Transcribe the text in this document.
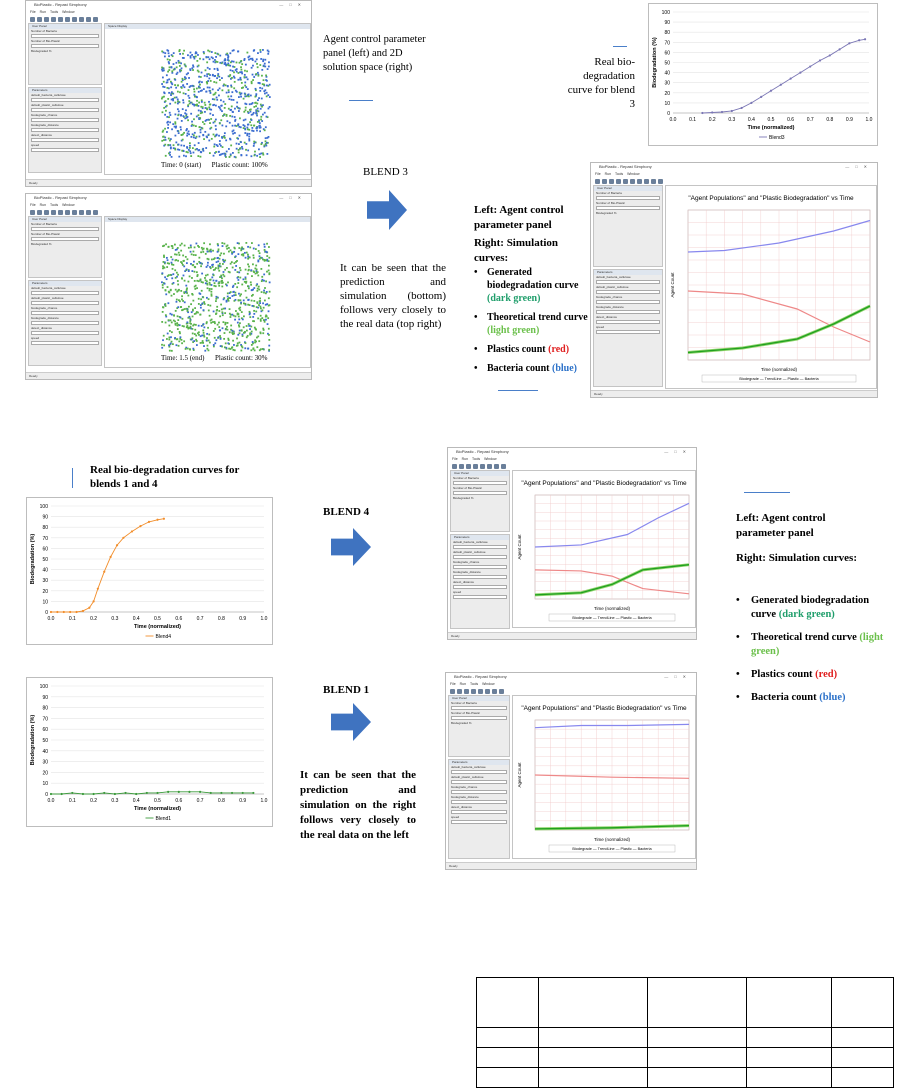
BioPlastic - Repast Simphony	—□✕
File Run Tools Window
User Panel
Number of Bacteria
Number of Bio-Plastic
Biodegraded %
Parameters
default_bacteria_cellulose
default_plastic_cellulose
biodegrade_chance
biodegrade_distance
detect_distance
speed
Space Display
Time: 0 (start)      Plastic count: 100%
Ready
BioPlastic - Repast Simphony	—□✕
File Run Tools Window
User Panel
Number of Bacteria
Number of Bio-Plastic
Biodegraded %
Parameters
default_bacteria_cellulose
default_plastic_cellulose
biodegrade_chance
biodegrade_distance
detect_distance
speed
Space Display
Time: 1.5 (end)      Plastic count: 30%
Ready
Agent control parameter panel (left) and 2D solution space (right)	Real bio-degradation curve for blend 3
0
10
20
30
40
50
60
70
80
90
100
0.0	0.1	0.2	0.3	0.4	0.5	0.6	0.7	0.8	0.9	1.0
Time (normalized)
Biodegradation (%)
Blend3
BLEND 3
It can be seen that the prediction and simulation (bottom) follows very closely to the real data (top right)
Left: Agent control parameter panel
Right: Simulation curves:
• Generated biodegradation curve (dark green)
• Theoretical trend curve (light green)
• Plastics count (red)
• Bacteria count (blue)
BioPlastic - Repast Simphony	—□✕
File Run Tools Window
User Panel
Number of Bacteria
Number of Bio-Plastic
Biodegraded %
Parameters
default_bacteria_cellulose
default_plastic_cellulose
biodegrade_chance
biodegrade_distance
detect_distance
speed
"Agent Populations" and "Plastic Biodegradation" vs Time
Agent Count
Time (normalized)
Biodegrade — TrendLine — Plastic — Bacteria
Ready
Real bio-degradation curves for blends 1 and 4
0
10
20
30
40
50
60
70
80
90
100
0.0	0.1	0.2	0.3	0.4	0.5	0.6	0.7	0.8	0.9	1.0
Time (normalized)
Biodegradation (%)
Blend4
0
10
20
30
40
50
60
70
80
90
100
0.0	0.1	0.2	0.3	0.4	0.5	0.6	0.7	0.8	0.9	1.0
Time (normalized)
Biodegradation (%)
Blend1
BLEND 4
BLEND 1
It can be seen that the prediction and simulation on the right follows very closely to the real data on the left
BioPlastic - Repast Simphony	—□✕
File Run Tools Window
User Panel
Number of Bacteria
Number of Bio-Plastic
Biodegraded %
Parameters
default_bacteria_cellulose
default_plastic_cellulose
biodegrade_chance
biodegrade_distance
detect_distance
speed
"Agent Populations" and "Plastic Biodegradation" vs Time
Agent Count
Time (normalized)
Biodegrade — TrendLine — Plastic — Bacteria
Ready
BioPlastic - Repast Simphony	—□✕
File Run Tools Window
User Panel
Number of Bacteria
Number of Bio-Plastic
Biodegraded %
Parameters
default_bacteria_cellulose
default_plastic_cellulose
biodegrade_chance
biodegrade_distance
detect_distance
speed
"Agent Populations" and "Plastic Biodegradation" vs Time
Agent Count
Time (normalized)
Biodegrade — TrendLine — Plastic — Bacteria
Ready
Left: Agent control parameter panel
Right: Simulation curves:
• Generated biodegradation curve (dark green)
• Theoretical trend curve (light green)
• Plastics count (red)
• Bacteria count (blue)
